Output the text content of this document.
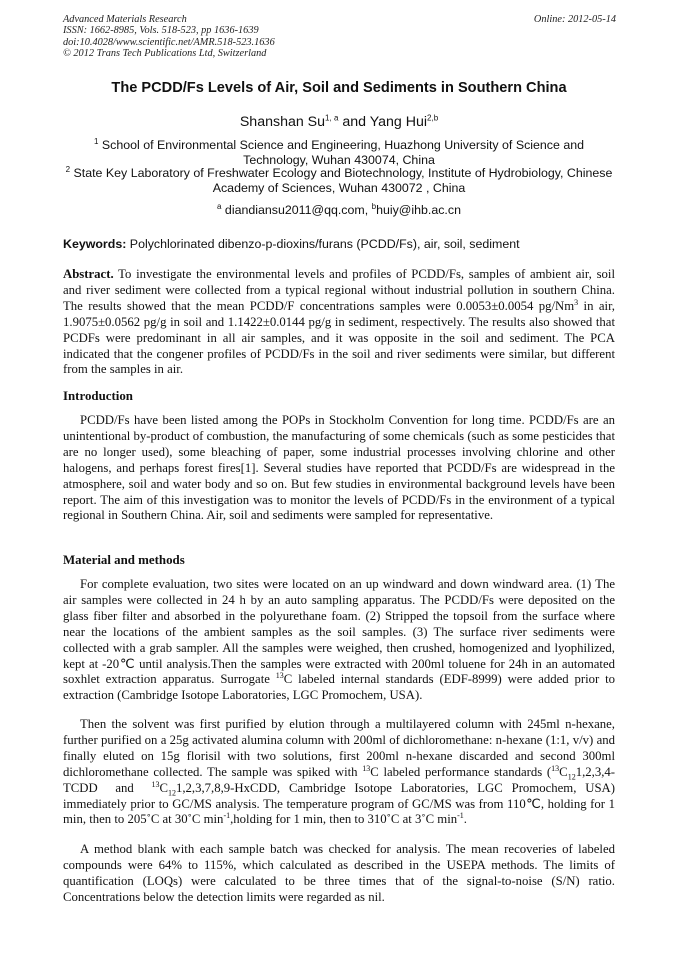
Advanced Materials Research
ISSN: 1662-8985, Vols. 518-523, pp 1636-1639
doi:10.4028/www.scientific.net/AMR.518-523.1636
© 2012 Trans Tech Publications Ltd, Switzerland
Online: 2012-05-14
The PCDD/Fs Levels of Air, Soil and Sediments in Southern China
Shanshan Su$^{1, a}$ and Yang Hui$^{2,b}$
$^1$ School of Environmental Science and Engineering, Huazhong University of Science and Technology, Wuhan 430074, China
$^2$ State Key Laboratory of Freshwater Ecology and Biotechnology, Institute of Hydrobiology, Chinese Academy of Sciences, Wuhan 430072 , China
$^a$ diandiansu2011@qq.com, $^b$huiy@ihb.ac.cn
Keywords: Polychlorinated dibenzo-p-dioxins/furans (PCDD/Fs), air, soil, sediment
Abstract. To investigate the environmental levels and profiles of PCDD/Fs, samples of ambient air, soil and river sediment were collected from a typical regional without industrial pollution in southern China. The results showed that the mean PCDD/F concentrations samples were 0.0053±0.0054 pg/Nm$^3$ in air, 1.9075±0.0562 pg/g in soil and 1.1422±0.0144 pg/g in sediment, respectively. The results also showed that PCDFs were predominant in all air samples, and it was opposite in the soil and sediment. The PCA indicated that the congener profiles of PCDD/Fs in the soil and river sediments were similar, but different from the samples in air.
Introduction
PCDD/Fs have been listed among the POPs in Stockholm Convention for long time. PCDD/Fs are an unintentional by-product of combustion, the manufacturing of some chemicals (such as some pesticides that are no longer used), some bleaching of paper, some industrial processes involving chlorine and other halogens, and perhaps forest fires[1]. Several studies have reported that PCDD/Fs are widespread in the atmosphere, soil and water body and so on. But few studies in environmental background levels have been report. The aim of this investigation was to monitor the levels of PCDD/Fs in the environment of a typical regional in Southern China. Air, soil and sediments were sampled for representative.
Material and methods
For complete evaluation, two sites were located on an up windward and down windward area. (1) The air samples were collected in 24 h by an auto sampling apparatus. The PCDD/Fs were deposited on the glass fiber filter and absorbed in the polyurethane foam. (2) Stripped the topsoil from the surface where near the locations of the ambient samples as the soil samples. (3) The surface river sediments were collected with a grab sampler. All the samples were weighed, then crushed, homogenized and lyophilized, kept at -20℃ until analysis.Then the samples were extracted with 200ml toluene for 24h in an automated soxhlet extraction apparatus. Surrogate $^{13}$C labeled internal standards (EDF-8999) were added prior to extraction (Cambridge Isotope Laboratories, LGC Promochem, USA).
Then the solvent was first purified by elution through a multilayered column with 245ml n-hexane, further purified on a 25g activated alumina column with 200ml of dichloromethane: n-hexane (1:1, v/v) and finally eluted on 15g florisil with two solutions, first 200ml n-hexane discarded and second 300ml dichloromethane collected. The sample was spiked with $^{13}$C labeled performance standards ($^{13}C_{12}1,2,3,4$-TCDD  and  $^{13}C_{12}1,2,3,7,8,9$-HxCDD, Cambridge Isotope Laboratories, LGC Promochem, USA) immediately prior to GC/MS analysis. The temperature program of GC/MS was from 110℃, holding for 1 min, then to 205˚C at 30˚C $\min^{-1},holding$ for 1 min, then to 310˚C at 3˚C $\min^{-1}$.
A method blank with each sample batch was checked for analysis. The mean recoveries of labeled compounds were 64% to 115%, which calculated as described in the USEPA methods. The limits of quantification (LOQs) were calculated to be three times that of the signal-to-noise (S/N) ratio. Concentrations below the detection limits were regarded as nil.
